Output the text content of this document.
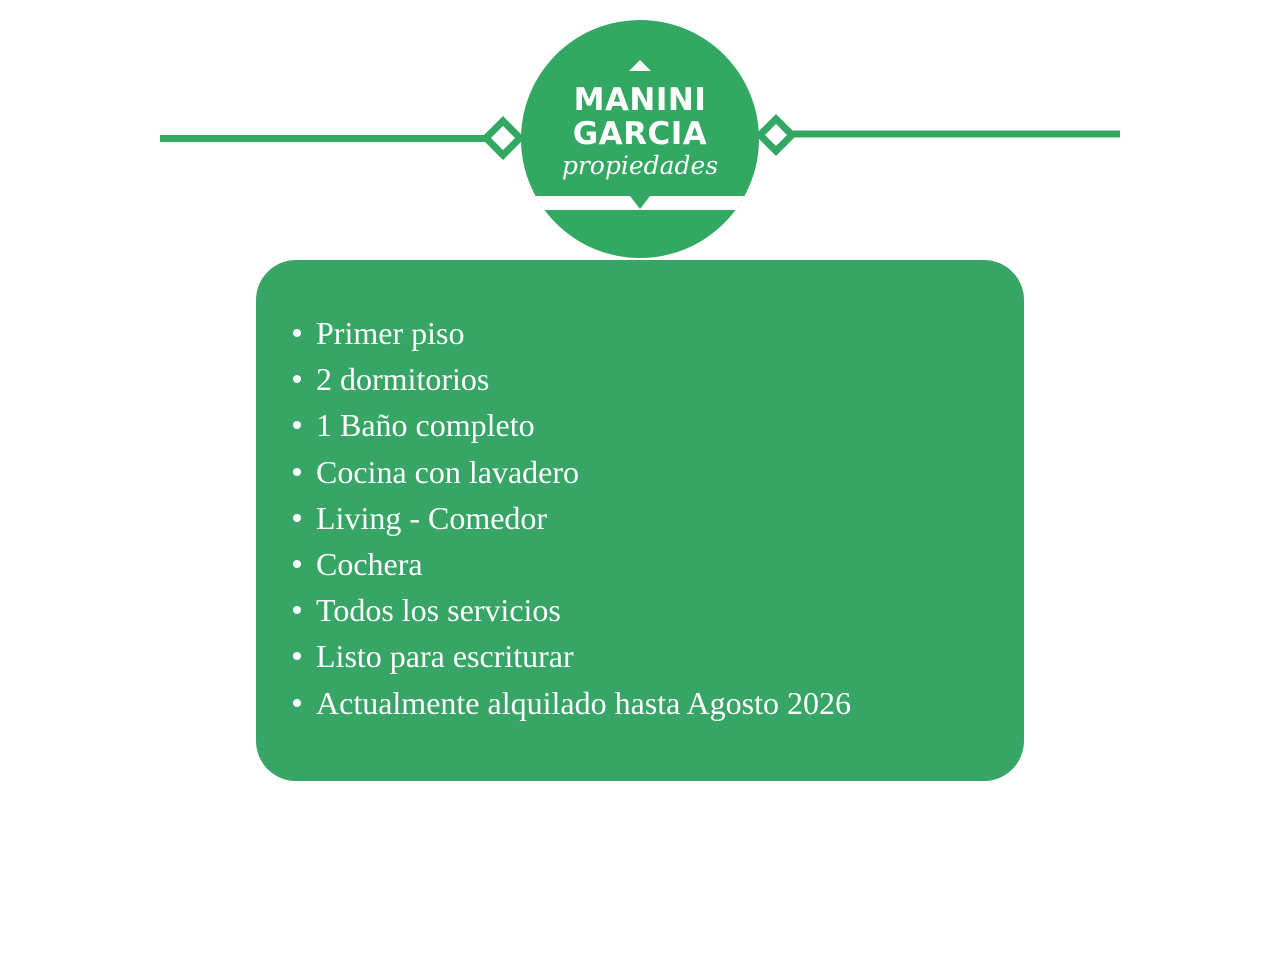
MANINI
GARCIA
propiedades
Primer piso
2 dormitorios
1 Baño completo
Cocina con lavadero
Living - Comedor
Cochera
Todos los servicios
Listo para escriturar
Actualmente alquilado hasta Agosto 2026
